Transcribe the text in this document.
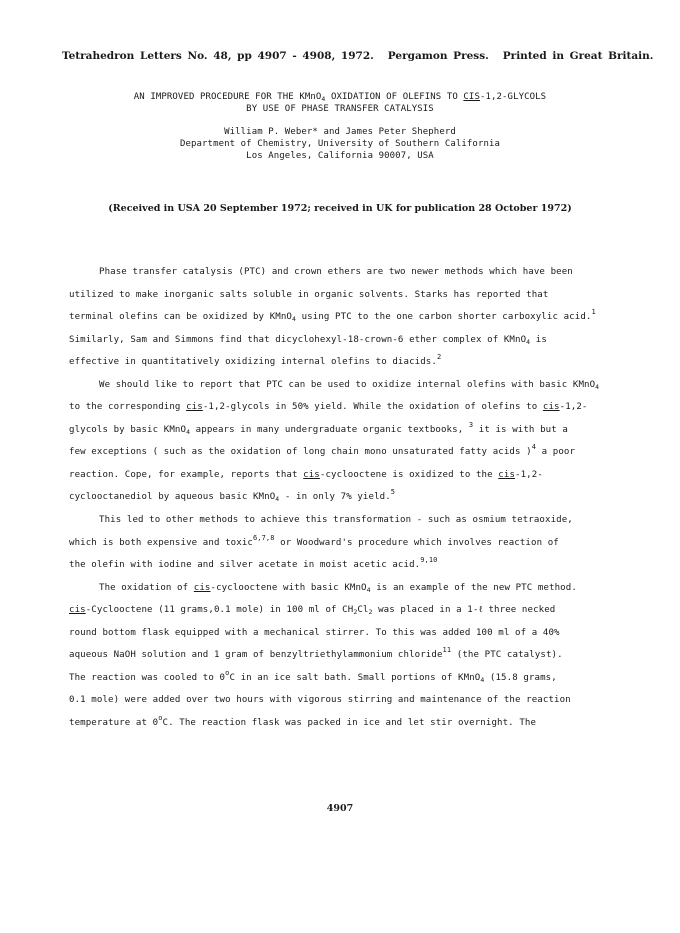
Tetrahedron Letters No. 48, pp 4907 - 4908, 1972. Pergamon Press. Printed in Great Britain.
AN IMPROVED PROCEDURE FOR THE KMnO$_4$ OXIDATION OF OLEFINS TO CIS-1,2-GLYCOLS
BY USE OF PHASE TRANSFER CATALYSIS
William P. Weber* and James Peter Shepherd
Department of Chemistry, University of Southern California
Los Angeles, California 90007, USA
(Received in USA 20 September 1972; received in UK for publication 28 October 1972)
Phase transfer catalysis (PTC) and crown ethers are two newer methods which have been
utilized to make inorganic salts soluble in organic solvents. Starks has reported that
terminal olefins can be oxidized by KMnO$_4$ using PTC to the one carbon shorter carboxylic acid.$^1$
Similarly, Sam and Simmons find that dicyclohexyl-18-crown-6 ether complex of KMnO$_4$ is
effective in quantitatively oxidizing internal olefins to diacids.$^2$
We should like to report that PTC can be used to oxidize internal olefins with basic KMnO$_4$
to the corresponding cis-1,2-glycols in 50% yield. While the oxidation of olefins to cis-1,2-
glycols by basic KMnO$_4$ appears in many undergraduate organic textbooks, $^3$ it is with but a
few exceptions ( such as the oxidation of long chain mono unsaturated fatty acids )$^4$ a poor
reaction. Cope, for example, reports that cis-cyclooctene is oxidized to the cis-1,2-
cyclooctanediol by aqueous basic KMnO$_4$ - in only 7% yield.$^5$
This led to other methods to achieve this transformation - such as osmium tetraoxide,
which is both expensive and toxic$^{6,7,8}$ or Woodward's procedure which involves reaction of
the olefin with iodine and silver acetate in moist acetic acid.$^{9,10}$
The oxidation of cis-cyclooctene with basic KMnO$_4$ is an example of the new PTC method.
cis-Cyclooctene (11 grams,0.1 mole) in 100 ml of $CH_2Cl_2$ was placed in a 1-ℓ three necked
round bottom flask equipped with a mechanical stirrer. To this was added 100 ml of a 40%
aqueous NaOH solution and 1 gram of benzyltriethylammonium chloride$^{11}$ (the PTC catalyst).
The reaction was cooled to 0$^o$C in an ice salt bath. Small portions of KMnO$_4$ (15.8 grams,
0.1 mole) were added over two hours with vigorous stirring and maintenance of the reaction
temperature at 0$^o$C. The reaction flask was packed in ice and let stir overnight. The
4907
